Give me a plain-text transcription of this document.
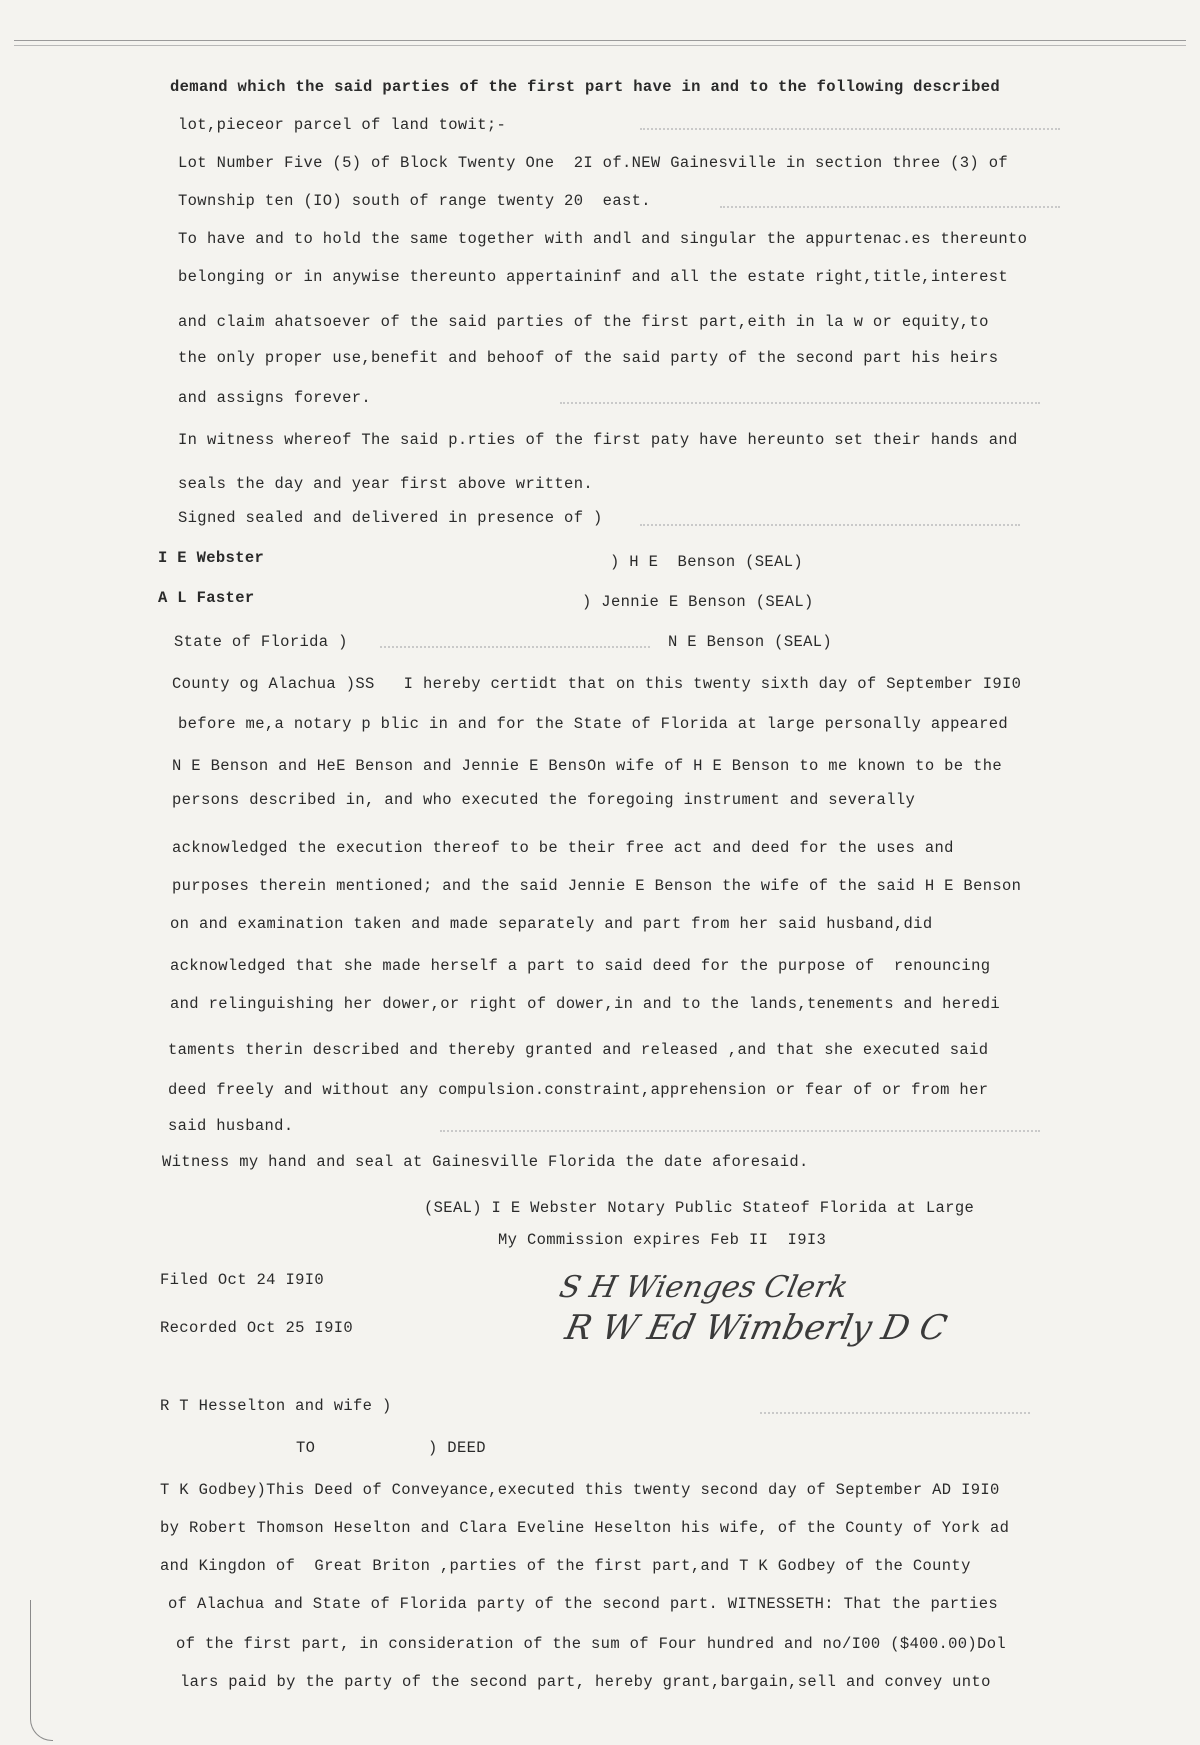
demand which the said parties of the first part have in and to the following described
lot,pieceor parcel of land towit;-
Lot Number Five (5) of Block Twenty One  2I of.NEW Gainesville in section three (3) of
Township ten (IO) south of range twenty 20  east.
To have and to hold the same together with andl and singular the appurtenac.es thereunto
belonging or in anywise thereunto appertaininf and all the estate right,title,interest
and claim ahatsoever of the said parties of the first part,eith in la w or equity,to
the only proper use,benefit and behoof of the said party of the second part his heirs
and assigns forever.
In witness whereof The said p.rties of the first paty have hereunto set their hands and
seals the day and year first above written.
Signed sealed and delivered in presence of )
I E Webster	) H E  Benson (SEAL)
A L Faster	) Jennie E Benson (SEAL)
State of Florida )	N E Benson (SEAL)
County og Alachua )SS   I hereby certidt that on this twenty sixth day of September I9I0
before me,a notary p blic in and for the State of Florida at large personally appeared
N E Benson and HeE Benson and Jennie E BensOn wife of H E Benson to me known to be the
persons described in, and who executed the foregoing instrument and severally
acknowledged the execution thereof to be their free act and deed for the uses and
purposes therein mentioned; and the said Jennie E Benson the wife of the said H E Benson
on and examination taken and made separately and part from her said husband,did
acknowledged that she made herself a part to said deed for the purpose of  renouncing
and relinguishing her dower,or right of dower,in and to the lands,tenements and heredi
taments therin described and thereby granted and released ,and that she executed said
deed freely and without any compulsion.constraint,apprehension or fear of or from her
said husband.
Witness my hand and seal at Gainesville Florida the date aforesaid.
(SEAL) I E Webster Notary Public Stateof Florida at Large
My Commission expires Feb II  I9I3
Filed Oct 24 I9I0
Recorded Oct 25 I9I0
S H Wienges Clerk
R W Ed Wimberly D C
R T Hesselton and wife )
TO	) DEED
T K Godbey)This Deed of Conveyance,executed this twenty second day of September AD I9I0
by Robert Thomson Heselton and Clara Eveline Heselton his wife, of the County of York ad
and Kingdon of  Great Briton ,parties of the first part,and T K Godbey of the County
of Alachua and State of Florida party of the second part. WITNESSETH: That the parties
of the first part, in consideration of the sum of Four hundred and no/I00 ($400.00)Dol
lars paid by the party of the second part, hereby grant,bargain,sell and convey unto
